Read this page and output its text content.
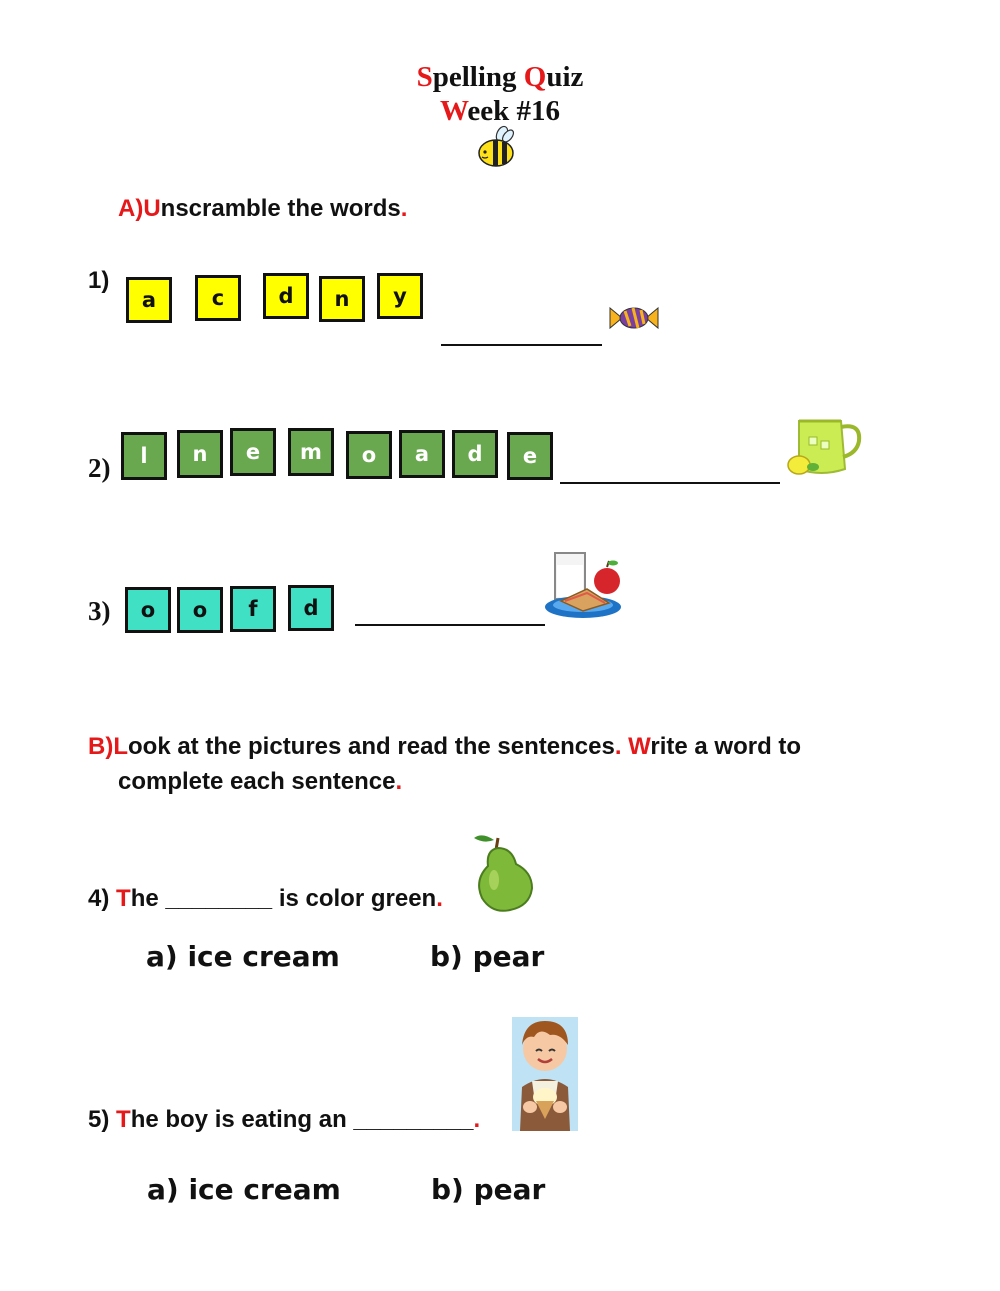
Spelling Quiz
Week #16
A)Unscramble the words.
1)
a	c	d	n	y
2)	l	n	e	m	o	a	d	e
3)	o	o	f	d
B)Look at the pictures and read the sentences. Write a word to
complete each sentence.
4) The ________ is color green.
a) ice cream	b) pear
5) The boy is eating an _________.
a) ice cream	b) pear
